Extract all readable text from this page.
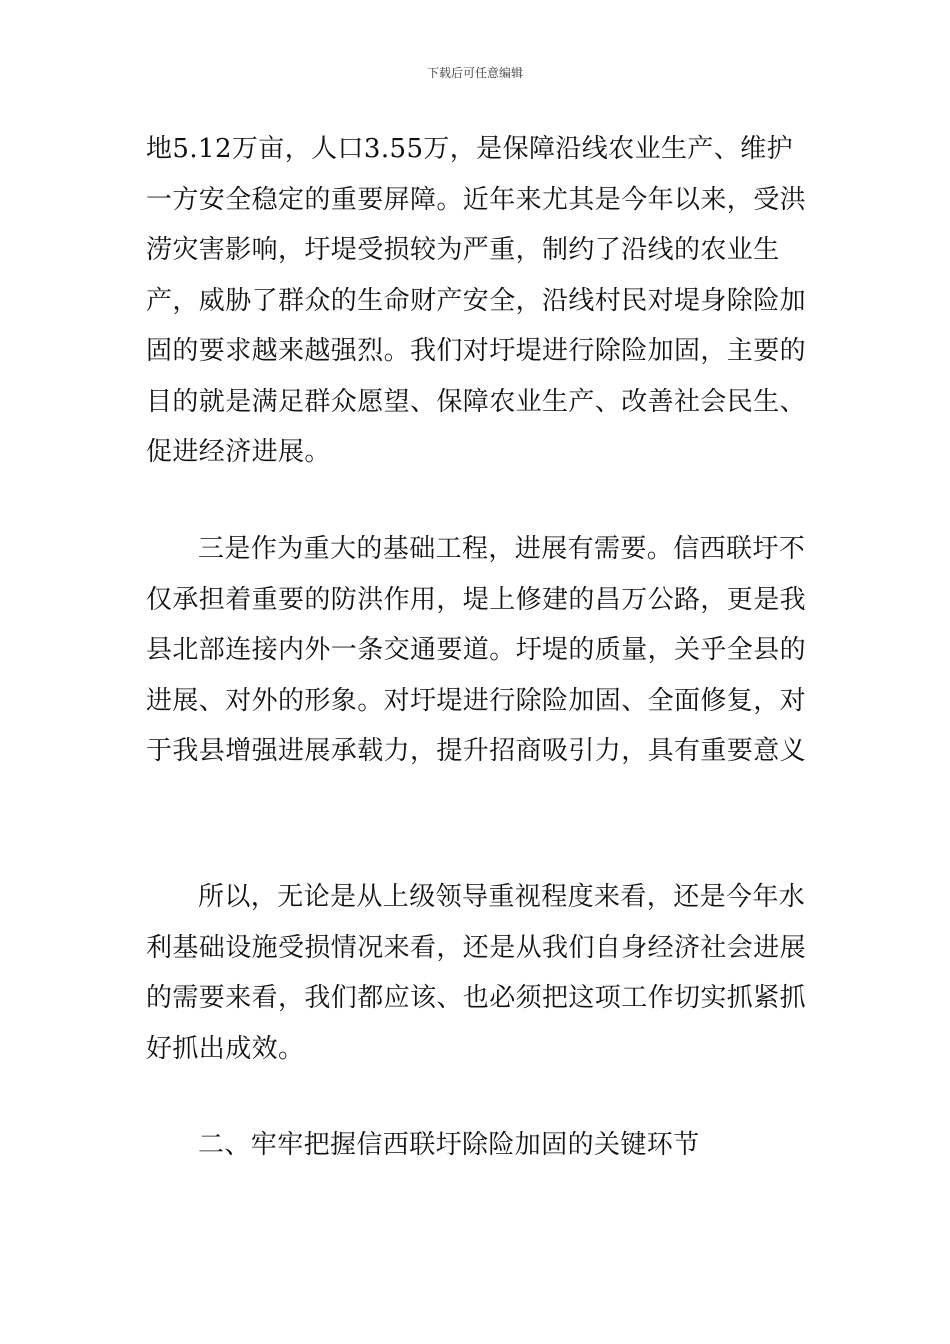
下载后可任意编辑

地5.12万亩，人口3.55万，是保障沿线农业生产、维护一方安全稳定的重要屏障。近年来尤其是今年以来，受洪涝灾害影响，圩堤受损较为严重，制约了沿线的农业生产，威胁了群众的生命财产安全，沿线村民对堤身除险加固的要求越来越强烈。我们对圩堤进行除险加固，主要的目的就是满足群众愿望、保障农业生产、改善社会民生、促进经济进展。

三是作为重大的基础工程，进展有需要。信西联圩不仅承担着重要的防洪作用，堤上修建的昌万公路，更是我县北部连接内外一条交通要道。圩堤的质量，关乎全县的进展、对外的形象。对圩堤进行除险加固、全面修复，对于我县增强进展承载力，提升招商吸引力，具有重要意义

所以，无论是从上级领导重视程度来看，还是今年水利基础设施受损情况来看，还是从我们自身经济社会进展的需要来看，我们都应该、也必须把这项工作切实抓紧抓好抓出成效。

二、牢牢把握信西联圩除险加固的关键环节
